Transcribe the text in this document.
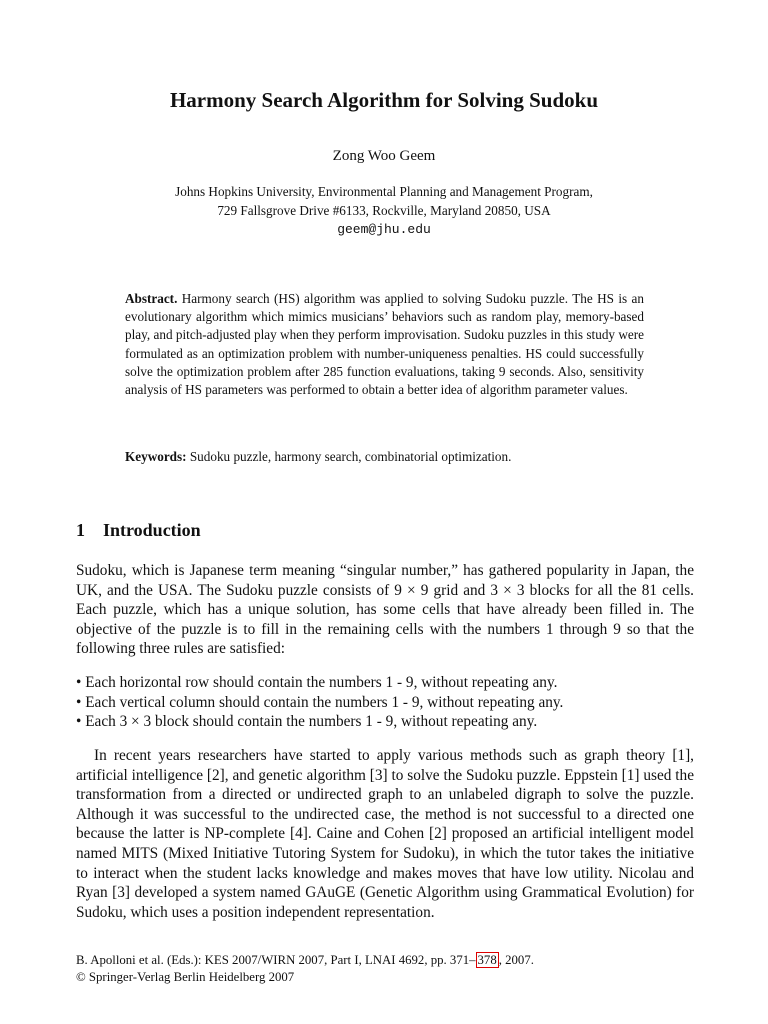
Harmony Search Algorithm for Solving Sudoku
Zong Woo Geem
Johns Hopkins University, Environmental Planning and Management Program,
729 Fallsgrove Drive #6133, Rockville, Maryland 20850, USA
geem@jhu.edu

Abstract. Harmony search (HS) algorithm was applied to solving Sudoku puzzle. The HS is an evolutionary algorithm which mimics musicians’ behaviors such as random play, memory-based play, and pitch-adjusted play when they perform improvisation. Sudoku puzzles in this study were formulated as an optimization problem with number-uniqueness penalties. HS could successfully solve the optimization problem after 285 function evaluations, taking 9 seconds. Also, sensitivity analysis of HS parameters was performed to obtain a better idea of algorithm parameter values.

Keywords: Sudoku puzzle, harmony search, combinatorial optimization.

1 Introduction

Sudoku, which is Japanese term meaning “singular number,” has gathered popularity in Japan, the UK, and the USA. The Sudoku puzzle consists of 9 × 9 grid and 3 × 3 blocks for all the 81 cells. Each puzzle, which has a unique solution, has some cells that have already been filled in. The objective of the puzzle is to fill in the remaining cells with the numbers 1 through 9 so that the following three rules are satisfied:

• Each horizontal row should contain the numbers 1 - 9, without repeating any.
• Each vertical column should contain the numbers 1 - 9, without repeating any.
• Each 3 × 3 block should contain the numbers 1 - 9, without repeating any.

In recent years researchers have started to apply various methods such as graph theory [1], artificial intelligence [2], and genetic algorithm [3] to solve the Sudoku puzzle. Eppstein [1] used the transformation from a directed or undirected graph to an unlabeled digraph to solve the puzzle. Although it was successful to the undirected case, the method is not successful to a directed one because the latter is NP-complete [4]. Caine and Cohen [2] proposed an artificial intelligent model named MITS (Mixed Initiative Tutoring System for Sudoku), in which the tutor takes the initiative to interact when the student lacks knowledge and makes moves that have low utility. Nicolau and Ryan [3] developed a system named GAuGE (Genetic Algorithm using Grammatical Evolution) for Sudoku, which uses a position independent representation.

B. Apolloni et al. (Eds.): KES 2007/WIRN 2007, Part I, LNAI 4692, pp. 371– 378 , 2007.
© Springer-Verlag Berlin Heidelberg 2007
